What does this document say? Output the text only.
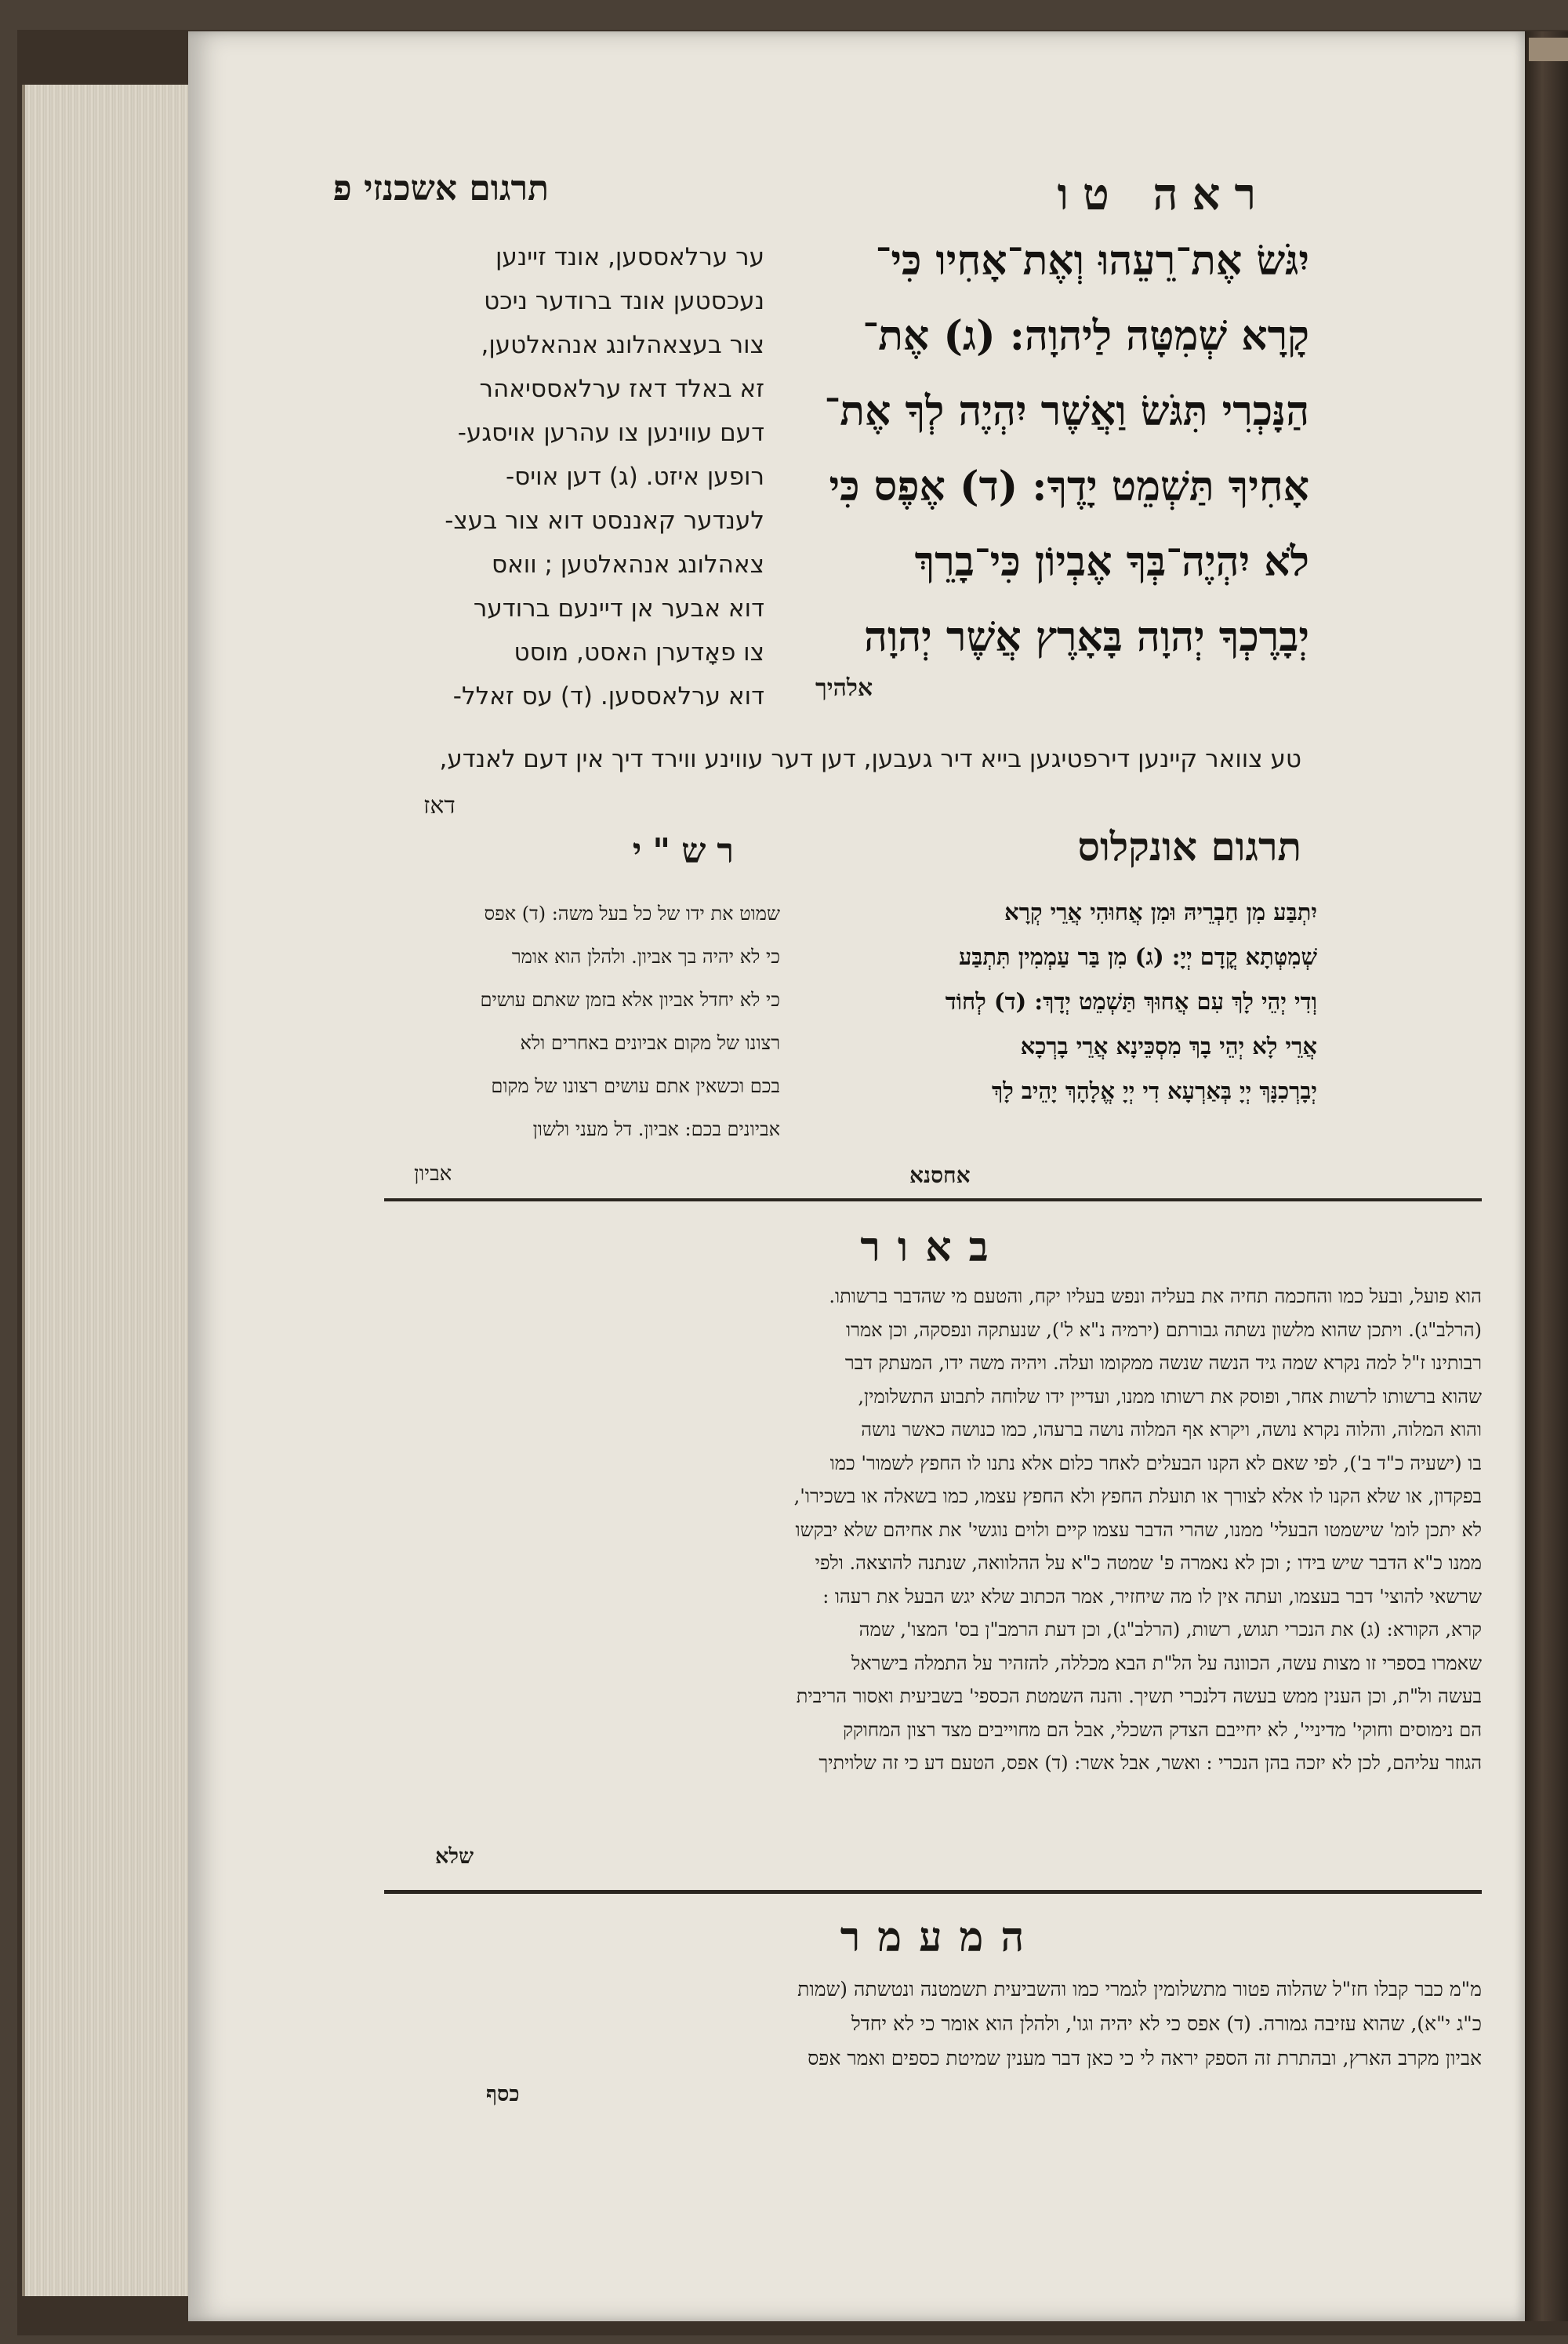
תרגום אשכנזי פ	ראה טו
ער ערלאססען, אונד זיינען
נעכסטען אונד ברודער ניכט
צור בעצאהלונג אנהאלטען,
זא באלד דאז ערלאססיאהר
דעם עווינען צו עהרען אויסגע-
רופען איזט. (ג) דען אויס-
לענדער קאננסט דוא צור בעצ-
צאהלונג אנהאלטען ; וואס
דוא אבער אן דיינעם ברודער
צו פאָדערן האסט, מוסט
דוא ערלאססען. (ד) עס זאלל-
יִגֹּשׂ אֶת־רֵעֵהוּ וְאֶת־אָחִיו כִּי־
קָרָא שְׁמִטָּה לַיהוָה: (ג) אֶת־
הַנָּכְרִי תִּגֹּשׂ וַאֲשֶׁר יִהְיֶה לְךָ אֶת־
אָחִיךָ תַּשְׁמֵט יָדֶךָ: (ד) אֶפֶס כִּי
לֹא יִהְיֶה־בְּךָ אֶבְיוֹן כִּי־בָרֵךְ
יְבָרֶכְךָ יְהוָה בָּאָרֶץ אֲשֶׁר יְהוָה
אלהיך
טע צוואר קיינען דירפטיגען בייא דיר געבען, דען דער עווינע ווירד דיך אין דעם לאנדע,
דאז
רש"י	תרגום אונקלוס
שמוט את ידו של כל בעל משה: (ד) אפס
כי לא יהיה בך אביון. ולהלן הוא אומר
כי לא יחדל אביון אלא בזמן שאתם עושים
רצונו של מקום אביונים באחרים ולא
בכם וכשאין אתם עושים רצונו של מקום
אביונים בכם: אביון. דל מעני ולשון
אביון
יִתְבַּע מִן חַבְרֵיהּ וּמִן אֲחוּהִי אֲרֵי קְרָא
שְׁמִטְּתָא קֳדָם יְיָ: (ג) מִן בַּר עַמְמִין תִּתְבַּע
וְדִי יְהֵי לָךְ עִם אֲחוּךְ תַּשְׁמֵט יְדָךְ: (ד) לְחוֹד
אֲרֵי לָא יְהֵי בָךְ מִסְכֵּינָא אֲרֵי בָרְכָא
יְבָרְכִנָּךְ יְיָ בְּאַרְעָא דִי יְיָ אֱלָהָךְ יָהֵיב לָךְ
אחסנא
באור
הוא פועל, ובעל כמו והחכמה תחיה את בעליה ונפש בעליו יקח, והטעם מי שהדבר ברשותו.
(הרלב"ג). ויתכן שהוא מלשון נשתה גבורתם (ירמיה נ"א ל'), שנעתקה ונפסקה, וכן אמרו
רבותינו ז"ל למה נקרא שמה גיד הנשה שנשה ממקומו ועלה. ויהיה משה ידו, המעתק דבר
שהוא ברשותו לרשות אחר, ופוסק את רשותו ממנו, ועדיין ידו שלוחה לתבוע התשלומין,
והוא המלוה, והלוה נקרא נושה, ויקרא אף המלוה נושה ברעהו, כמו כנושה כאשר נושה
בו (ישעיה כ"ד ב'), לפי שאם לא הקנו הבעלים לאחר כלום אלא נתנו לו החפץ לשמור' כמו
בפקדון, או שלא הקנו לו אלא לצורך או תועלת החפץ ולא החפץ עצמו, כמו בשאלה או בשכירו',
לא יתכן לומ' שישמטו הבעלי' ממנו, שהרי הדבר עצמו קיים ולוים נוגשי' את אחיהם שלא יבקשו
ממנו כ"א הדבר שיש בידו ; וכן לא נאמרה פ' שמטה כ"א על ההלוואה, שנתנה להוצאה. ולפי
שרשאי להוצי' דבר בעצמו, ועתה אין לו מה שיחזיר, אמר הכתוב שלא יגש הבעל את רעהו :
קרא, הקורא: (ג) את הנכרי תגוש, רשות, (הרלב"ג), וכן דעת הרמב"ן בס' המצו', שמה
שאמרו בספרי זו מצות עשה, הכוונה על הל"ת הבא מכללה, להזהיר על התמלה בישראל
בעשה ול"ת, וכן הענין ממש בעשה דלנכרי תשיך. והנה השמטת הכספי' בשביעית ואסור הריבית
הם נימוסים וחוקי' מדיניי', לא יחייבם הצדק השכלי, אבל הם מחוייבים מצד רצון המחוקק
הגוזר עליהם, לכן לא יזכה בהן הנכרי : ואשר, אבל אשר: (ד) אפס, הטעם דע כי זה שלויתיך
שלא
המעמר
מ"מ כבר קבלו חז"ל שהלוה פטור מתשלומין לגמרי כמו והשביעית תשמטנה ונטשתה (שמות
כ"ג י"א), שהוא עזיבה גמורה. (ד) אפס כי לא יהיה וגו', ולהלן הוא אומר כי לא יחדל
אביון מקרב הארץ, ובהתרת זה הספק יראה לי כי כאן דבר מענין שמיטת כספים ואמר אפס
כסף
